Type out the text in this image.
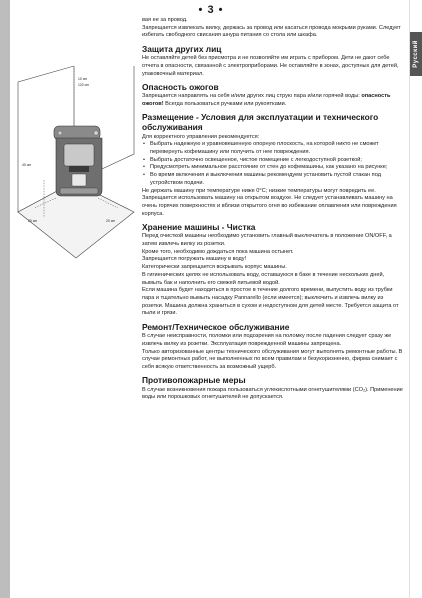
• 3 •
10 cm
120 cm
40 cm
20 cm	20 cm
Русский

вая ее за провод.

Запрещается извлекать вилку, держась за провод или касаться провода мокрыми руками. Следует избегать свободного свисания шнура питания со стола или шкафа.

Защита других лиц

Не оставляйте детей без присмотра и не позволяйте им играть с прибором. Дети не дают себе отчета в опасности, связанной с электроприборами. Не оставляйте в зонах, доступных для детей, упаковочный материал.

Опасность ожогов

Запрещается направлять на себя и/или других лиц струю пара и/или горячей воды: опасность ожогов! Всегда пользоваться ручками или рукоятками.

Размещение - Условия для эксплуатации и технического обслуживания

Для корректного управления рекомендуется:

• Выбрать надежную и уравновешенную опорную плоскость, на которой никто не сможет перевернуть кофемашину или получить от нее повреждения.
• Выбрать достаточно освещенное, чистое помещение с легкодоступной розеткой;
• Предусмотреть минимальное расстояние от стен до кофемашины, как указано на рисунке;
• Во время включения и выключения машины рекомендуем установить пустой стакан под устройством подачи.

Не держать машину при температуре ниже 0°C; низкие температуры могут повредить ее. Запрещается использовать машину на открытом воздухе. Не следует устанавливать машину на очень горячих поверхностях и вблизи открытого огня во избежание оплавления или повреждения корпуса.

Хранение машины - Чистка

Перед очисткой машины необходимо установить главный выключатель в положение ON/OFF, а затем извлечь вилку из розетки.

Кроме того, необходимо дождаться пока машина остынет.

Запрещается погружать машину в воду!

Категорически запрещается вскрывать корпус машины.

В гигиенических целях не использовать воду, оставшуюся в баке в течение нескольких дней, вымыть бак и наполнить его свежей питьевой водой.

Если машина будет находиться в простое в течение долгого времени, выпустить воду из трубки пара и тщательно вымыть насадку Pannarello (если имеется); выключить и извлечь вилку из розетки. Машина должна храниться в сухом и недоступном для детей месте. Требуется защита от пыли и грязи.

Ремонт/Техническое обслуживание

В случае неисправности, поломки или подозрения на поломку после падения следует сразу же извлечь вилку из розетки. Эксплуатация поврежденной машины запрещена.

Только авторизованные центры технического обслуживания могут выполнять ремонтные работы. В случае ремонтных работ, не выполненных по всем правилам и безукоризненно, фирма снимает с себя всякую ответственность за возможный ущерб.

Противопожарные меры

В случае возникновения пожара пользоваться углекислотными огнетушителями (CO₂). Применение воды или порошковых огнетушителей не допускается.
